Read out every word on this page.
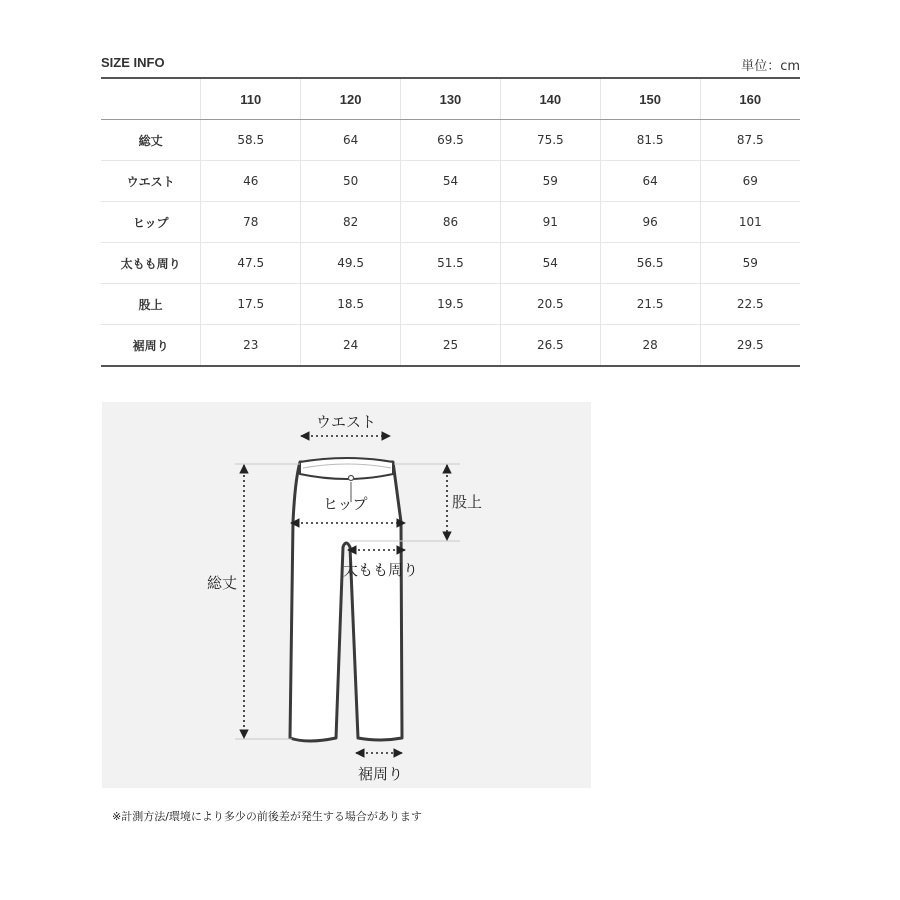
SIZE INFO	単位：cm
	110	120	130	140	150	160
総丈	58.5	64	69.5	75.5	81.5	87.5
ウエスト	46	50	54	59	64	69
ヒップ	78	82	86	91	96	101
太もも周り	47.5	49.5	51.5	54	56.5	59
股上	17.5	18.5	19.5	20.5	21.5	22.5
裾周り	23	24	25	26.5	28	29.5
ウエスト
ヒップ	股上
太もも周り
総丈
裾周り
※計測方法/環境により多少の前後差が発生する場合があります
